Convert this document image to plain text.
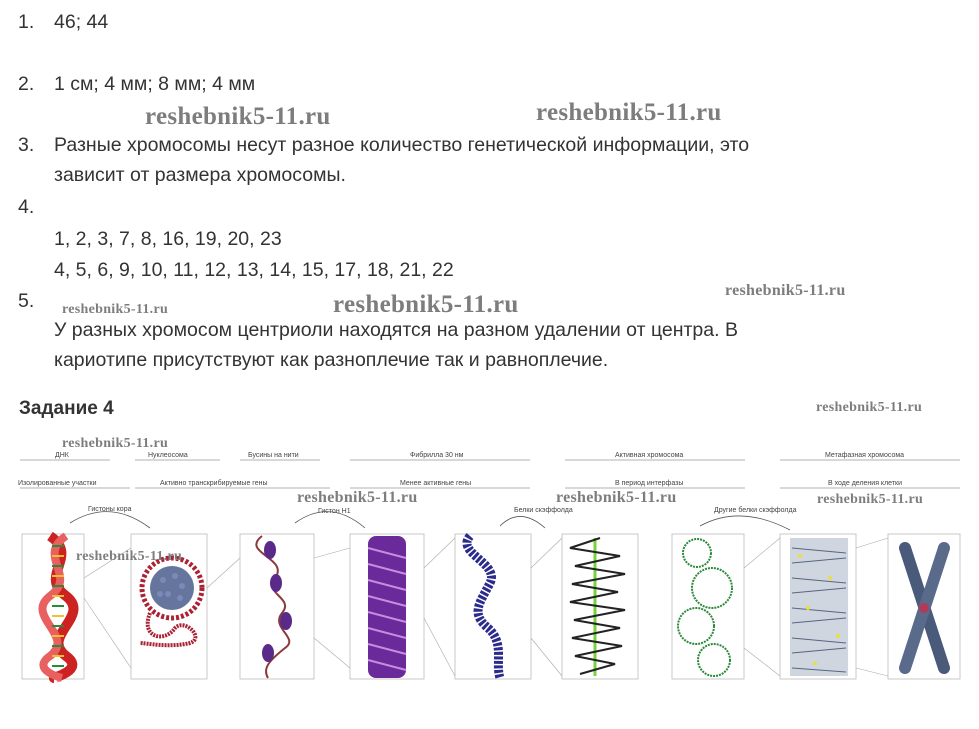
1. 46; 44
2. 1 см; 4 мм; 8 мм; 4 мм
3. Разные хромосомы несут разное количество генетической информации, это
зависит от размера хромосомы.
4.
1, 2, 3, 7, 8, 16, 19, 20, 23
4, 5, 6, 9, 10, 11, 12, 13, 14, 15, 17, 18, 21, 22
5.
У разных хромосом центриоли находятся на разном удалении от центра. В
кариотипе присутствуют как разноплечие так и равноплечие.
Задание 4
reshebnik5-11.ru	reshebnik5-11.ru
reshebnik5-11.ru
reshebnik5-11.ru
reshebnik5-11.ru
reshebnik5-11.ru
ДНК	Нуклеосома	Бусины на нити	Фибрилла 30 нм	Активная хромосома	Метафазная хромосома
Изолированные участки	Активно транскрибируемые гены	Менее активные гены	В период интерфазы	В ходе деления клетки
Гистоны кора	Гистон Н1	Белки скэффолда	Другие белки скэффолда
reshebnik5-11.ru
reshebnik5-11.ru	reshebnik5-11.ru	reshebnik5-11.ru
reshebnik5-11.ru
